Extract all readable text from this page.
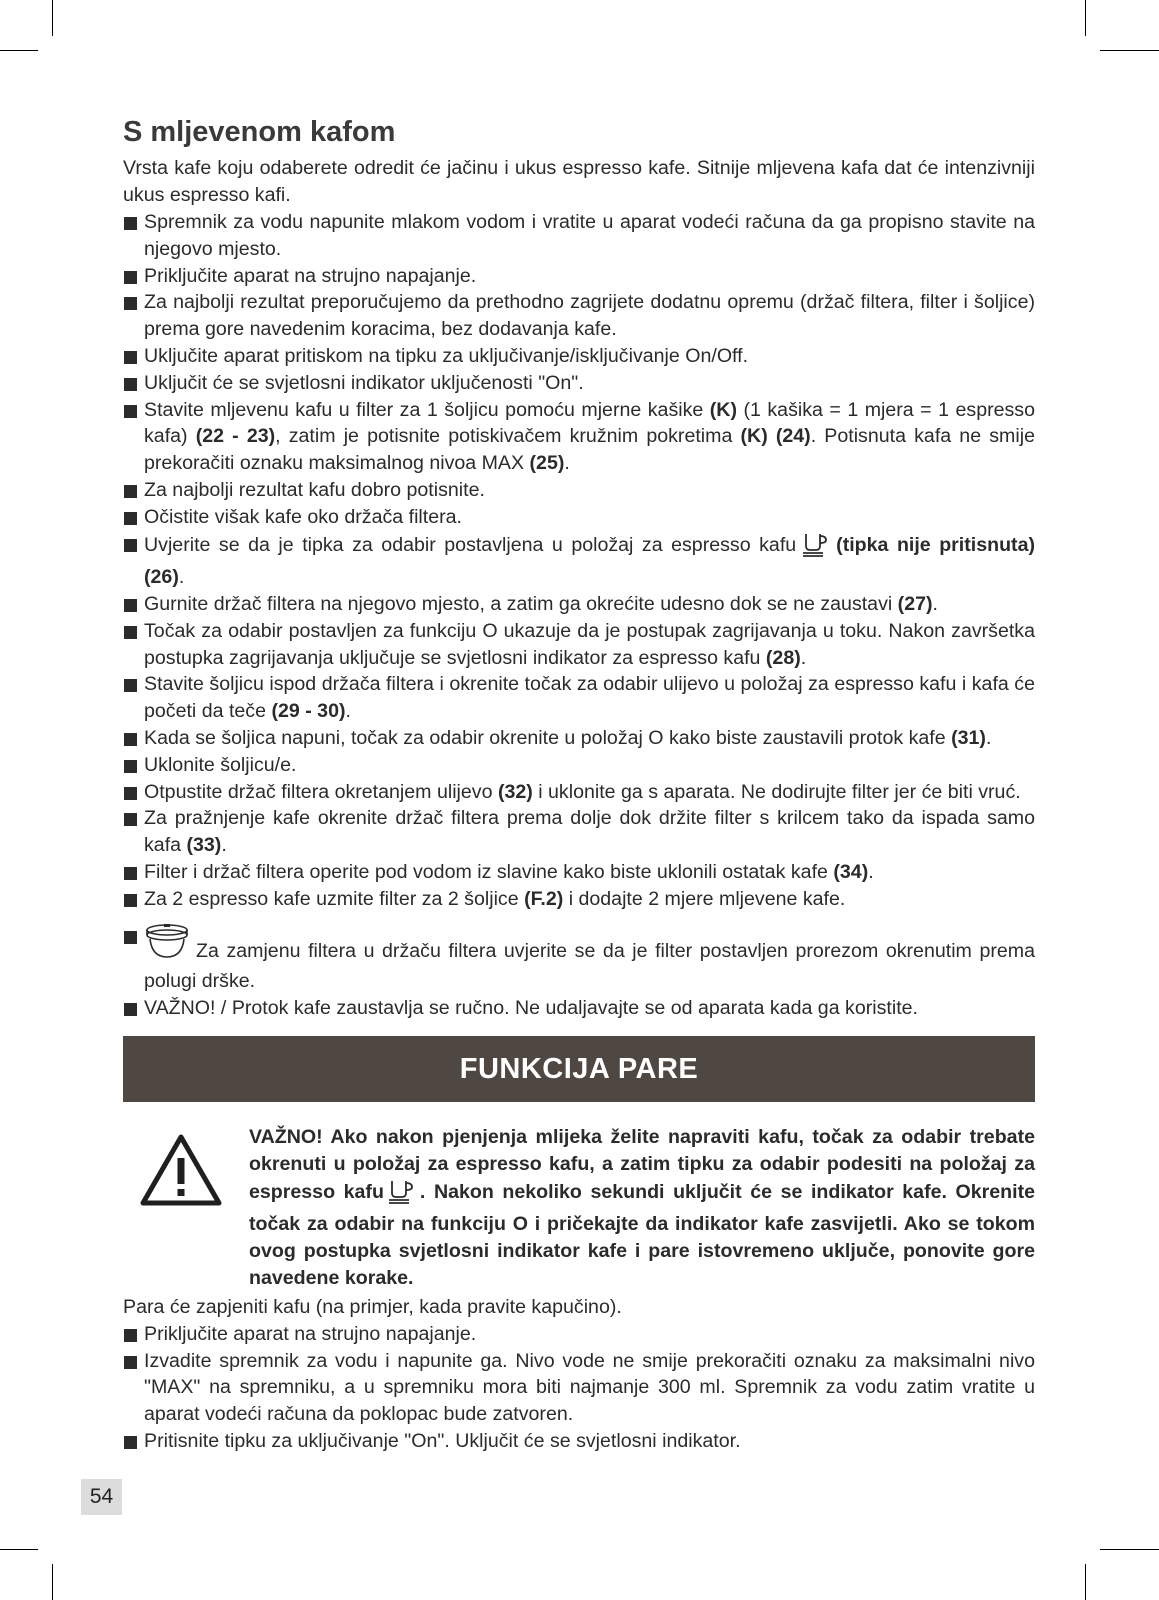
S mljevenom kafom

Vrsta kafe koju odaberete odredit će jačinu i ukus espresso kafe. Sitnije mljevena kafa dat će intenzivniji ukus espresso kafi.

Spremnik za vodu napunite mlakom vodom i vratite u aparat vodeći računa da ga propisno stavite na njegovo mjesto.
Priključite aparat na strujno napajanje.
Za najbolji rezultat preporučujemo da prethodno zagrijete dodatnu opremu (držač filtera, filter i šoljice) prema gore navedenim koracima, bez dodavanja kafe.
Uključite aparat pritiskom na tipku za uključivanje/isključivanje On/Off.
Uključit će se svjetlosni indikator uključenosti "On".
Stavite mljevenu kafu u filter za 1 šoljicu pomoću mjerne kašike (K) (1 kašika = 1 mjera = 1 espresso kafa) (22 - 23), zatim je potisnite potiskivačem kružnim pokretima (K) (24). Potisnuta kafa ne smije prekoračiti oznaku maksimalnog nivoa MAX (25).
Za najbolji rezultat kafu dobro potisnite.
Očistite višak kafe oko držača filtera.
Uvjerite se da je tipka za odabir postavljena u položaj za espresso kafu (tipka nije pritisnuta) (26).
Gurnite držač filtera na njegovo mjesto, a zatim ga okrećite udesno dok se ne zaustavi (27).
Točak za odabir postavljen za funkciju O ukazuje da je postupak zagrijavanja u toku. Nakon završetka postupka zagrijavanja uključuje se svjetlosni indikator za espresso kafu (28).
Stavite šoljicu ispod držača filtera i okrenite točak za odabir ulijevo u položaj za espresso kafu i kafa će početi da teče (29 - 30).
Kada se šoljica napuni, točak za odabir okrenite u položaj O kako biste zaustavili protok kafe (31).
Uklonite šoljicu/e.
Otpustite držač filtera okretanjem ulijevo (32) i uklonite ga s aparata. Ne dodirujte filter jer će biti vruć.
Za pražnjenje kafe okrenite držač filtera prema dolje dok držite filter s krilcem tako da ispada samo kafa (33).
Filter i držač filtera operite pod vodom iz slavine kako biste uklonili ostatak kafe (34).
Za 2 espresso kafe uzmite filter za 2 šoljice (F.2) i dodajte 2 mjere mljevene kafe.
Za zamjenu filtera u držaču filtera uvjerite se da je filter postavljen prorezom okrenutim prema polugi drške.
VAŽNO! / Protok kafe zaustavlja se ručno. Ne udaljavajte se od aparata kada ga koristite.
FUNKCIJA PARE

VAŽNO! Ako nakon pjenjenja mlijeka želite napraviti kafu, točak za odabir trebate okrenuti u položaj za espresso kafu, a zatim tipku za odabir podesiti na položaj za espresso kafu . Nakon nekoliko sekundi uključit će se indikator kafe. Okrenite točak za odabir na funkciju O i pričekajte da indikator kafe zasvijetli. Ako se tokom ovog postupka svjetlosni indikator kafe i pare istovremeno uključe, ponovite gore navedene korake.

Para će zapjeniti kafu (na primjer, kada pravite kapučino).

Priključite aparat na strujno napajanje.
Izvadite spremnik za vodu i napunite ga. Nivo vode ne smije prekoračiti oznaku za maksimalni nivo "MAX" na spremniku, a u spremniku mora biti najmanje 300 ml. Spremnik za vodu zatim vratite u aparat vodeći računa da poklopac bude zatvoren.
Pritisnite tipku za uključivanje "On". Uključit će se svjetlosni indikator.
54
